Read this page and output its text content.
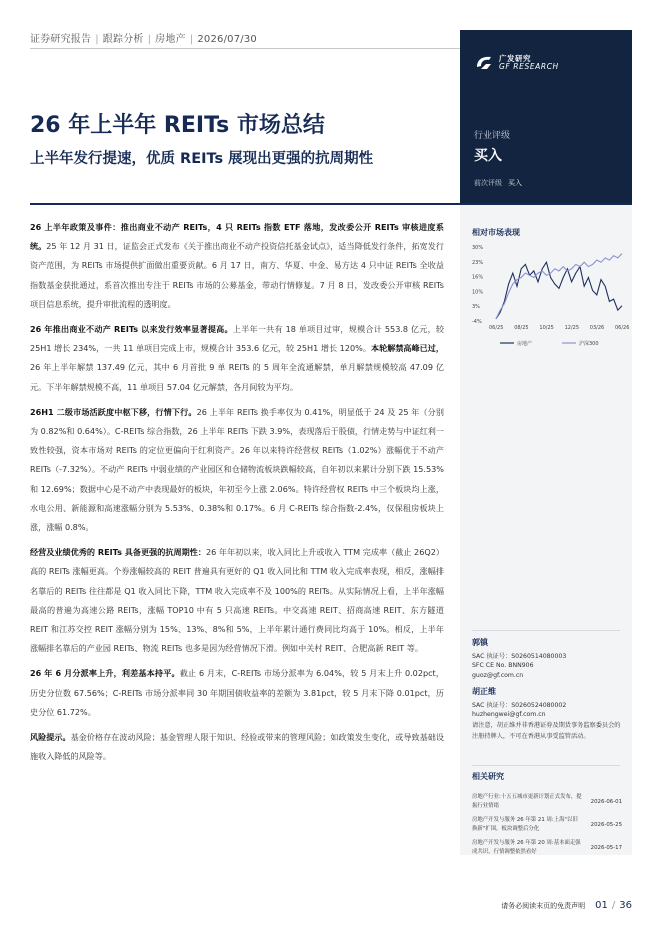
证券研究报告 | 跟踪分析 | 房地产 | 2026/07/30
广发研究
GF RESEARCH
行业评级
买入
前次评级 买入
26 年上半年 REITs 市场总结
上半年发行提速，优质 REITs 展现出更强的抗周期性
相对市场表现
-4%
3%
10%
16%
23%
30%
06/25 08/25 10/25 12/25 03/26 06/26
房地产	沪深300
郭镇
SAC 执证号：S0260514080003
SFC CE No. BNN906
guoz@gf.com.cn
胡正维
SAC 执证号：S0260524080002
huzhengwei@gf.com.cn
请注意，胡正维并非香港证券及期货事务监察委员会的注册持牌人，不可在香港从事受监管活动。
相关研究
房地产行业:十五五城市更新计划正式发布，提振行业情绪
2026-06-01
房地产开发与服务 26 年第 21 周:上海"以旧换新"扩围，板块调整后分化
2026-05-25
房地产开发与服务 26 年第 20 周:基本面走强成共识，行情调整依然看好
2026-05-17

26 上半年政策及事件：推出商业不动产 REITs，4 只 REITs 指数 ETF 落地，发改委公开 REITs 审核进度系统。25 年 12 月 31 日，证监会正式发布《关于推出商业不动产投资信托基金试点》，适当降低发行条件，拓宽发行资产范围，为 REITs 市场提供扩面做出重要贡献。6 月 17 日，南方、华夏、中金、易方达 4 只中证 REITs 全收益指数基金获批通过，系首次推出专注于 REITs 市场的公募基金，带动行情修复。7 月 8 日，发改委公开审核 REITs 项目信息系统，提升审批流程的透明度。

26 年推出商业不动产 REITs 以来发行效率显著提高。上半年一共有 18 单项目过审，规模合计 553.8 亿元，较 25H1 增长 234%，一共 11 单项目完成上市，规模合计 353.6 亿元，较 25H1 增长 120%。本轮解禁高峰已过，26 年上半年解禁 137.49 亿元，其中 6 月首批 9 单 REITs 的 5 周年全流通解禁，单月解禁规模较高 47.09 亿元。下半年解禁规模不高，11 单项目 57.04 亿元解禁，各月间较为平均。

26H1 二级市场活跃度中枢下移，行情下行。26 上半年 REITs 换手率仅为 0.41%，明显低于 24 及 25 年（分别为 0.82%和 0.64%）。C-REITs 综合指数，26 上半年 REITs 下跌 3.9%，表现落后于股债，行情走势与中证红利一致性较强，资本市场对 REITs 的定位更偏向于红利资产。26 年以来特许经营权 REITs（1.02%）涨幅优于不动产 REITs（-7.32%）。不动产 REITs 中弱业绩的产业园区和仓储物流板块跌幅较高，自年初以来累计分别下跌 15.53%和 12.69%；数据中心是不动产中表现最好的板块，年初至今上涨 2.06%。特许经营权 REITs 中三个板块均上涨，水电公用、新能源和高速涨幅分别为 5.53%、0.38%和 0.17%。6 月 C-REITs 综合指数-2.4%，仅保租房板块上涨，涨幅 0.8%。

经营及业绩优秀的 REITs 具备更强的抗周期性：26 年年初以来，收入同比上升或收入 TTM 完成率（截止 26Q2）高的 REITs 涨幅更高。个券涨幅较高的 REIT 普遍具有更好的 Q1 收入同比和 TTM 收入完成率表现，相反，涨幅排名靠后的 REITs 往往都是 Q1 收入同比下降，TTM 收入完成率不及 100%的 REITs。从实际情况上看，上半年涨幅最高的普遍为高速公路 REITs，涨幅 TOP10 中有 5 只高速 REITs。中交高速 REIT、招商高速 REIT、东方隧道 REIT 和江苏交控 REIT 涨幅分别为 15%、13%、8%和 5%，上半年累计通行费同比均高于 10%。相反，上半年涨幅排名靠后的产业园 REITs、物流 REITs 也多是因为经营情况下滑。例如中关村 REIT、合肥高新 REIT 等。

26 年 6 月分派率上升，利差基本持平。截止 6 月末，C-REITs 市场分派率为 6.04%，较 5 月末上升 0.02pct，历史分位数 67.56%；C-REITs 市场分派率同 30 年期国债收益率的差额为 3.81pct，较 5 月末下降 0.01pct，历史分位 61.72%。

风险提示。基金价格存在波动风险；基金管理人限于知识、经验或带来的管理风险；如政策发生变化，或导致基础设施收入降低的风险等。

请务必阅读末页的免责声明 01 / 36
